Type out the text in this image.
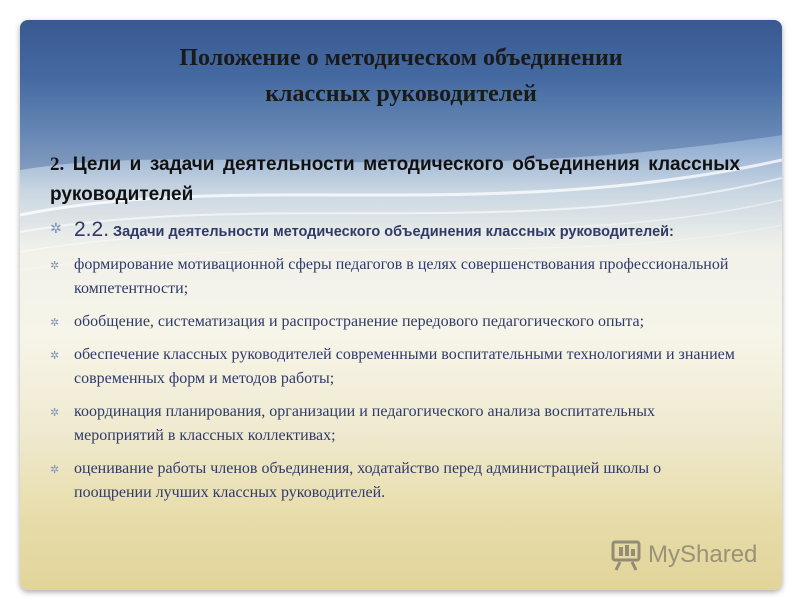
Положение о методическом объединении
классных руководителей
2. Цели и задачи деятельности методического объединения классных руководителей
✲ 2.2. Задачи деятельности методического объединения классных руководителей:
✲ формирование мотивационной сферы педагогов в целях совершенствования профессиональной компетентности;
✲ обобщение, систематизация и распространение передового педагогического опыта;
✲ обеспечение классных руководителей современными воспитательными технологиями и знанием современных форм и методов работы;
✲ координация планирования, организации и педагогического анализа воспитательных мероприятий в классных коллективах;
✲ оценивание работы членов объединения, ходатайство перед администрацией школы о поощрении лучших классных руководителей.
MyShared
